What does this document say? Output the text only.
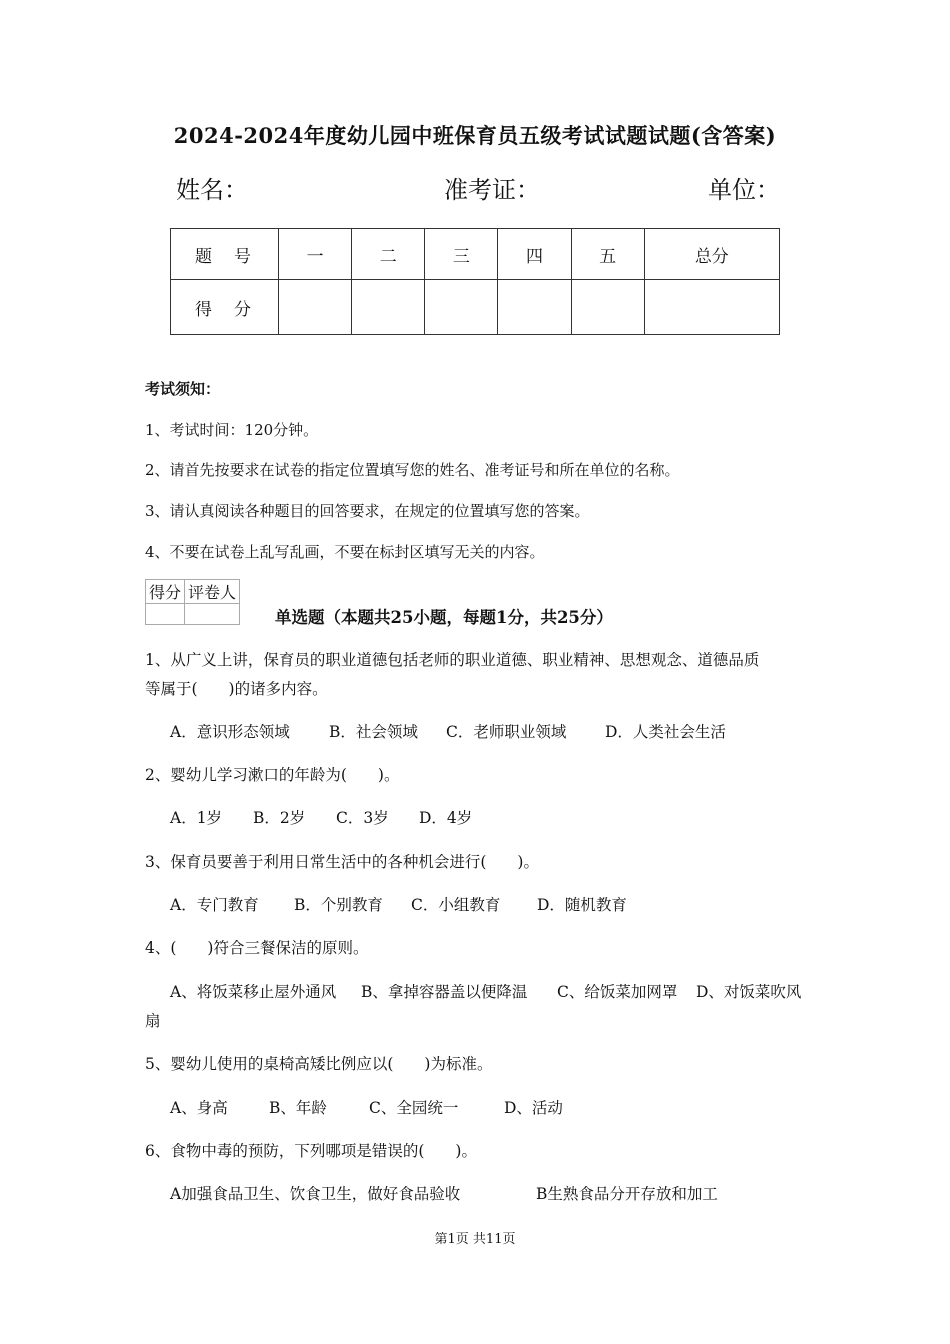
2024-2024年度幼儿园中班保育员五级考试试题试题(含答案)
姓名：	准考证：	单位：
题号	一	二	三	四	五	总分
得分						
考试须知：
1、考试时间：120分钟。
2、请首先按要求在试卷的指定位置填写您的姓名、准考证号和所在单位的名称。
3、请认真阅读各种题目的回答要求，在规定的位置填写您的答案。
4、不要在试卷上乱写乱画，不要在标封区填写无关的内容。
得分	评卷人

单选题（本题共25小题，每题1分，共25分）
1、从广义上讲，保育员的职业道德包括老师的职业道德、职业精神、思想观念、道德品质
等属于(　　)的诸多内容。
A．意识形态领域	B．社会领域 C．老师职业领域 D．人类社会生活
2、婴幼儿学习漱口的年龄为(　　)。
A．1岁 B．2岁 C．3岁 D．4岁
3、保育员要善于利用日常生活中的各种机会进行(　　)。
A．专门教育 B．个别教育 C．小组教育 D．随机教育
4、(　　)符合三餐保洁的原则。
A、将饭菜移止屋外通风 B、拿掉容器盖以便降温 C、给饭菜加网罩 D、对饭菜吹风
扇
5、婴幼儿使用的桌椅高矮比例应以(　　)为标准。
A、身高	B、年龄	C、全园统一	D、活动
6、食物中毒的预防，下列哪项是错误的(　　)。
A加强食品卫生、饮食卫生，做好食品验收	B生熟食品分开存放和加工
第1页 共11页
